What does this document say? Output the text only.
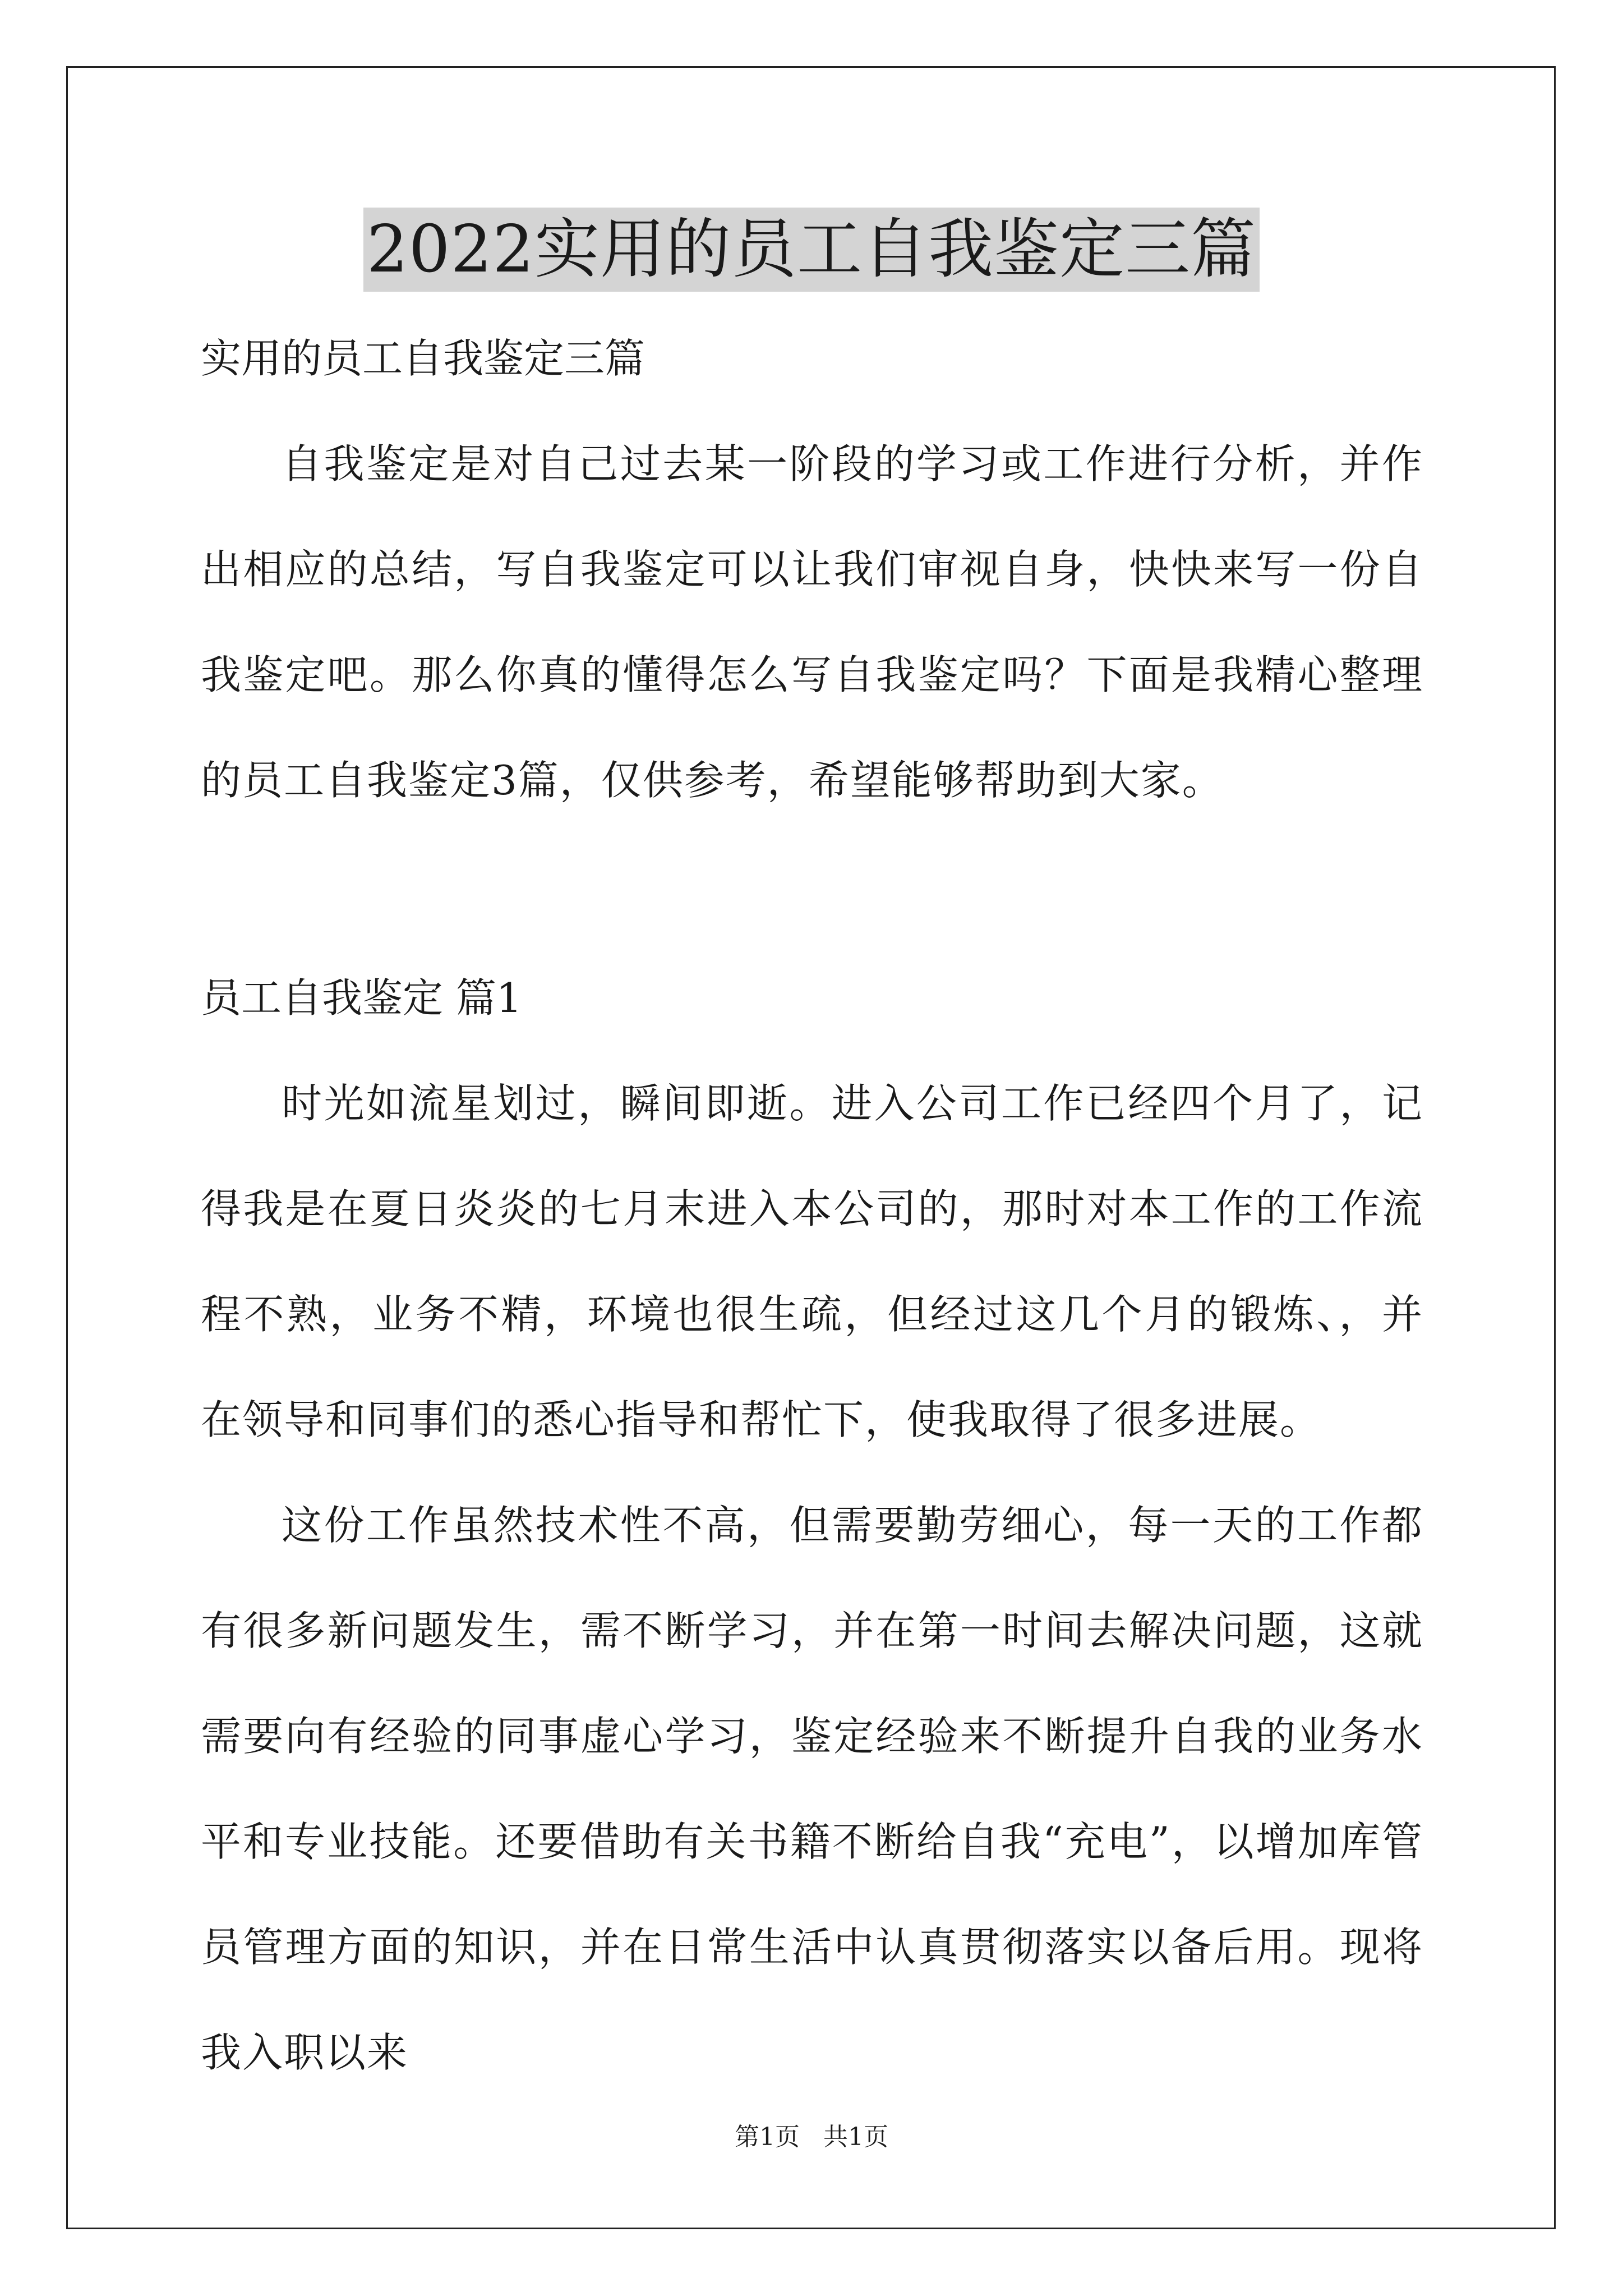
2022实用的员工自我鉴定三篇

实用的员工自我鉴定三篇

自我鉴定是对自己过去某一阶段的学习或工作进行分析，并作出相应的总结，写自我鉴定可以让我们审视自身，快快来写一份自我鉴定吧。那么你真的懂得怎么写自我鉴定吗？下面是我精心整理的员工自我鉴定3篇，仅供参考，希望能够帮助到大家。

员工自我鉴定 篇1

时光如流星划过，瞬间即逝。进入公司工作已经四个月了，记得我是在夏日炎炎的七月末进入本公司的，那时对本工作的工作流程不熟，业务不精，环境也很生疏，但经过这几个月的锻炼、，并在领导和同事们的悉心指导和帮忙下，使我取得了很多进展。

这份工作虽然技术性不高，但需要勤劳细心，每一天的工作都有很多新问题发生，需不断学习，并在第一时间去解决问题，这就需要向有经验的同事虚心学习，鉴定经验来不断提升自我的业务水平和专业技能。还要借助有关书籍不断给自我“充电”，以增加库管员管理方面的知识，并在日常生活中认真贯彻落实以备后用。现将我入职以来

第1页 共1页
